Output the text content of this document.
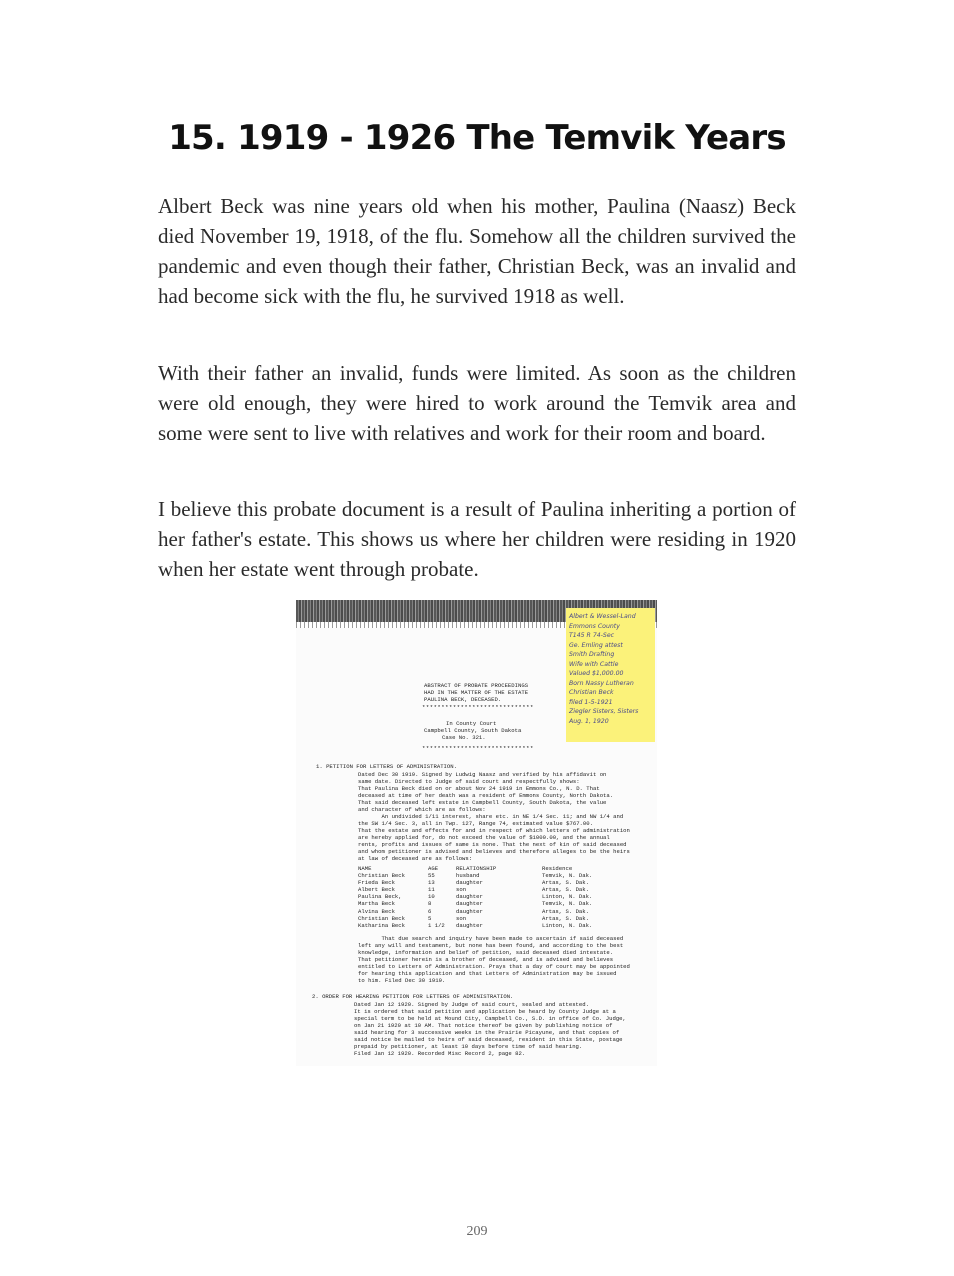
15. 1919 - 1926 The Temvik Years

Albert Beck was nine years old when his mother, Paulina (Naasz) Beck died November 19, 1918, of the flu. Somehow all the children survived the pandemic and even though their father, Christian Beck, was an invalid and had become sick with the flu, he survived 1918 as well.

With their father an invalid, funds were limited. As soon as the children were old enough, they were hired to work around the Temvik area and some were sent to live with relatives and work for their room and board.

I believe this probate document is a result of Paulina inheriting a portion of her father's estate. This shows us where her children were residing in 1920 when her estate went through probate.

Albert & Wessel-Land
Emmons County
T145 R 74-Sec
Ge. Emling attest
Smith Drafting
Wife with Cattle
Valued $1,000.00
Born Nassy Lutheran
Christian Beck
filed 1-5-1921
Ziegler Sisters, Sisters
Aug. 1, 1920
ABSTRACT OF PROBATE PROCEEDINGS
HAD IN THE MATTER OF THE ESTATE
PAULINA BECK, DECEASED.
*****************************
In County Court
Campbell County, South Dakota
Case No. 321.
*****************************
1. PETITION FOR LETTERS OF ADMINISTRATION.
Dated Dec 30 1919. Signed by Ludwig Naasz and verified by his affidavit on
same date. Directed to Judge of said court and respectfully shows:
That Paulina Beck died on or about Nov 24 1919 in Emmons Co., N. D. That
deceased at time of her death was a resident of Emmons County, North Dakota.
That said deceased left estate in Campbell County, South Dakota, the value
and character of which are as follows:
An undivided 1/11 interest, share etc. in NE 1/4 Sec. 11; and NW 1/4 and
the SW 1/4 Sec. 3, all in Twp. 127, Range 74, estimated value $767.00.
That the estate and effects for and in respect of which letters of administration
are hereby applied for, do not exceed the value of $1000.00, and the annual
rents, profits and issues of same is none. That the next of kin of said deceased
and whom petitioner is advised and believes and therefore alleges to be the heirs
at law of deceased are as follows:
NAME	AGE	RELATIONSHIP	Residence
Christian Beck	55	husband	Temvik, N. Dak.
Frieda Beck	13	daughter	Artas, S. Dak.
Albert Beck	11	son	Artas, S. Dak.
Paulina Beck,	10	daughter	Linton, N. Dak.
Martha Beck	8	daughter	Temvik, N. Dak.
Alvina Beck	6	daughter	Artas, S. Dak.
Christian Beck	5	son	Artas, S. Dak.
Katharina Beck	1 1/2	daughter	Linton, N. Dak.
That due search and inquiry have been made to ascertain if said deceased
left any will and testament, but none has been found, and according to the best
knowledge, information and belief of petition, said deceased died intestate.
That petitioner herein is a brother of deceased, and is advised and believes
entitled to Letters of Administration. Prays that a day of court may be appointed
for hearing this application and that Letters of Administration may be issued
to him. Filed Dec 30 1919.
2. ORDER FOR HEARING PETITION FOR LETTERS OF ADMINISTRATION.
Dated Jan 12 1920. Signed by Judge of said court, sealed and attested.
It is ordered that said petition and application be heard by County Judge at a
special term to be held at Mound City, Campbell Co., S.D. in office of Co. Judge,
on Jan 21 1920 at 10 AM. That notice thereof be given by publishing notice of
said hearing for 3 successive weeks in the Prairie Picayune, and that copies of
said notice be mailed to heirs of said deceased, resident in this State, postage
prepaid by petitioner, at least 10 days before time of said hearing.
Filed Jan 12 1920. Recorded Misc Record 2, page 82.
209
